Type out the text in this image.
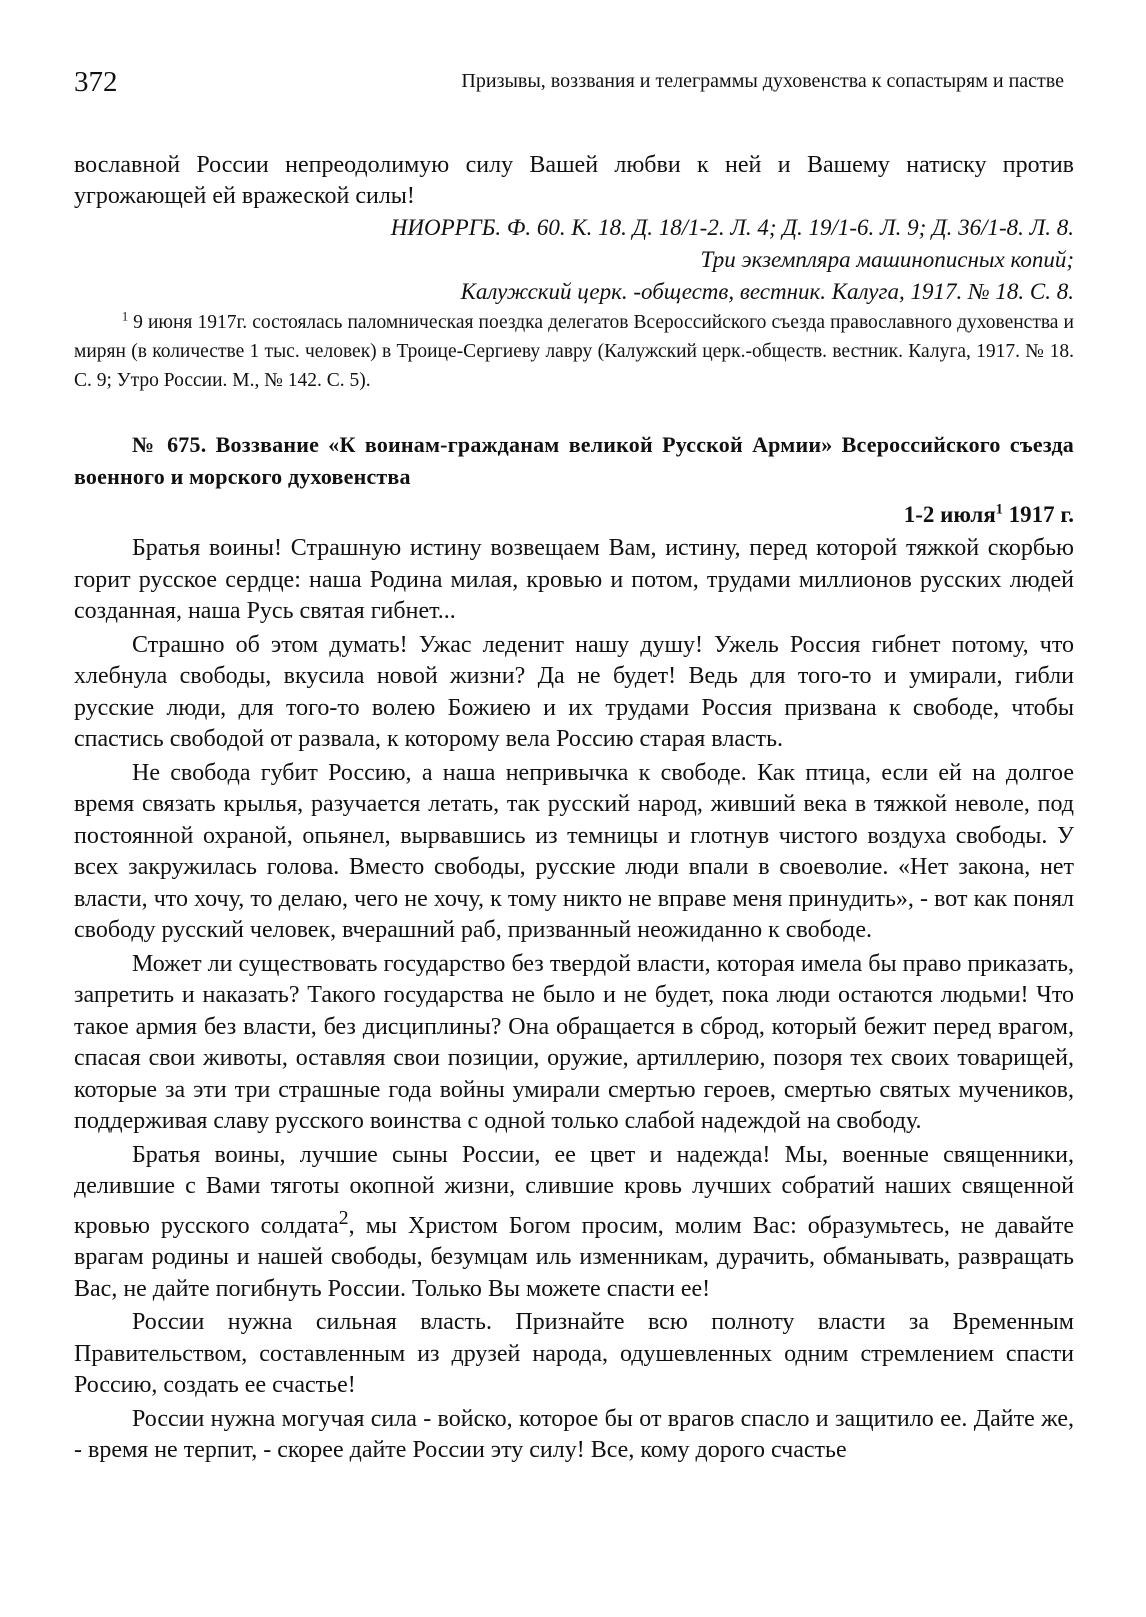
372	Призывы, воззвания и телеграммы духовенства к сопастырям и пастве

вославной России непреодолимую силу Вашей любви к ней и Вашему натиску против угрожающей ей вражеской силы!

НИОРРГБ. Ф. 60. К. 18. Д. 18/1-2. Л. 4; Д. 19/1-6. Л. 9; Д. 36/1-8. Л. 8.

Три экземпляра машинописных копий;

Калужский церк. -обществ, вестник. Калуга, 1917. № 18. С. 8.

$^1$ 9 июня 1917г. состоялась паломническая поездка делегатов Всероссийского съезда православного духовенства и мирян (в количестве 1 тыс. человек) в Троице-Сергиеву лавру (Калужский церк.-обществ. вестник. Калуга, 1917. № 18. С. 9; Утро России. М., № 142. С. 5).

№ 675. Воззвание «К воинам-гражданам великой Русской Армии» Всероссийского съезда военного и морского духовенства

1-2 июля$^1$ 1917 г.

Братья воины! Страшную истину возвещаем Вам, истину, перед которой тяжкой скорбью горит русское сердце: наша Родина милая, кровью и потом, трудами миллионов русских людей созданная, наша Русь святая гибнет...

Страшно об этом думать! Ужас леденит нашу душу! Ужель Россия гибнет потому, что хлебнула свободы, вкусила новой жизни? Да не будет! Ведь для того-то и умирали, гибли русские люди, для того-то волею Божиею и их трудами Россия призвана к свободе, чтобы спастись свободой от развала, к которому вела Россию старая власть.

Не свобода губит Россию, а наша непривычка к свободе. Как птица, если ей на долгое время связать крылья, разучается летать, так русский народ, живший века в тяжкой неволе, под постоянной охраной, опьянел, вырвавшись из темницы и глотнув чистого воздуха свободы. У всех закружилась голова. Вместо свободы, русские люди впали в своеволие. «Нет закона, нет власти, что хочу, то делаю, чего не хочу, к тому никто не вправе меня принудить», - вот как понял свободу русский человек, вчерашний раб, призванный неожиданно к свободе.

Может ли существовать государство без твердой власти, которая имела бы право приказать, запретить и наказать? Такого государства не было и не будет, пока люди остаются людьми! Что такое армия без власти, без дисциплины? Она обращается в сброд, который бежит перед врагом, спасая свои животы, оставляя свои позиции, оружие, артиллерию, позоря тех своих товарищей, которые за эти три страшные года войны умирали смертью героев, смертью святых мучеников, поддерживая славу русского воинства с одной только слабой надеждой на свободу.

Братья воины, лучшие сыны России, ее цвет и надежда! Мы, военные священники, делившие с Вами тяготы окопной жизни, слившие кровь лучших собратий наших священной кровью русского солдата$^2$, мы Христом Богом просим, молим Вас: образумьтесь, не давайте врагам родины и нашей свободы, безумцам иль изменникам, дурачить, обманывать, развращать Вас, не дайте погибнуть России. Только Вы можете спасти ее!

России нужна сильная власть. Признайте всю полноту власти за Временным Правительством, составленным из друзей народа, одушевленных одним стремлением спасти Россию, создать ее счастье!

России нужна могучая сила - войско, которое бы от врагов спасло и защитило ее. Дайте же, - время не терпит, - скорее дайте России эту силу! Все, кому дорого счастье
